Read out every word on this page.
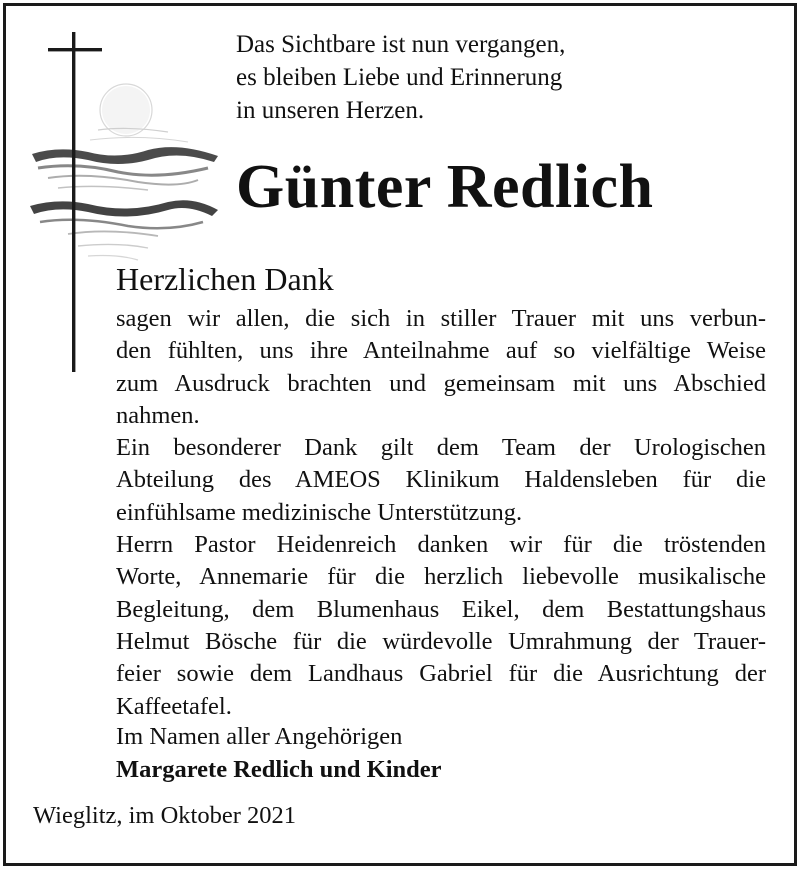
Das Sichtbare ist nun vergangen,
es bleiben Liebe und Erinnerung
in unseren Herzen.
Günter Redlich
Herzlichen Dank
sagen wir allen, die sich in stiller Trauer mit uns verbun-
den fühlten, uns ihre Anteilnahme auf so vielfältige Weise
zum Ausdruck brachten und gemeinsam mit uns Abschied
nahmen.
Ein besonderer Dank gilt dem Team der Urologischen
Abteilung des AMEOS Klinikum Haldensleben für die
einfühlsame medizinische Unterstützung.
Herrn Pastor Heidenreich danken wir für die tröstenden
Worte, Annemarie für die herzlich liebevolle musikalische
Begleitung, dem Blumenhaus Eikel, dem Bestattungshaus
Helmut Bösche für die würdevolle Umrahmung der Trauer-
feier sowie dem Landhaus Gabriel für die Ausrichtung der
Kaffeetafel.
Im Namen aller Angehörigen
Margarete Redlich und Kinder
Wieglitz, im Oktober 2021
